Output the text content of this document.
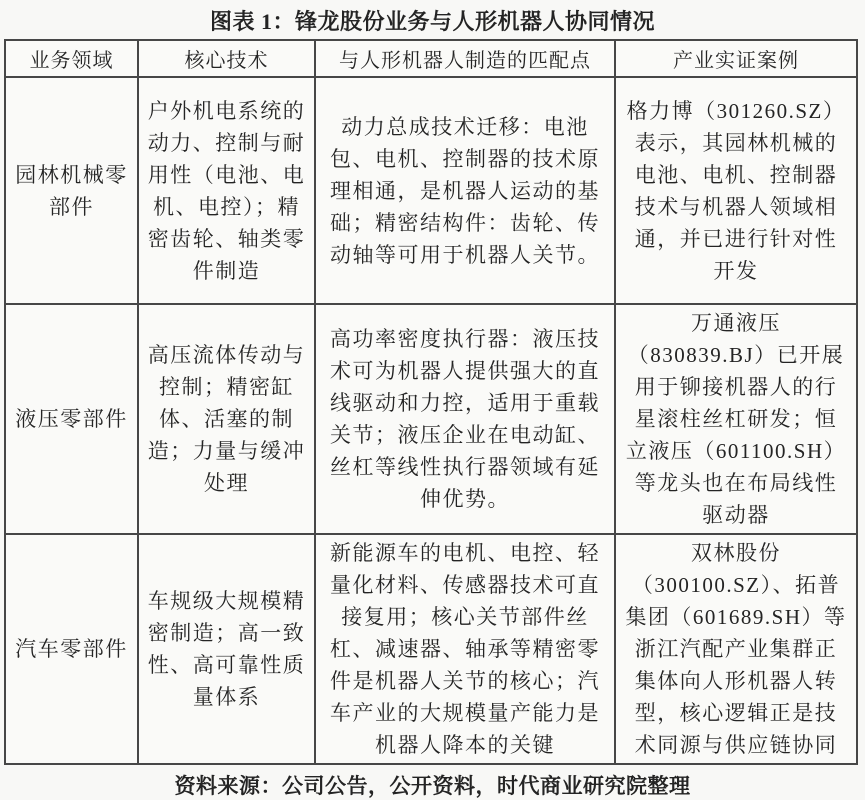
图表 1：锋龙股份业务与人形机器人协同情况
业务领域	核心技术	与人形机器人制造的匹配点	产业实证案例
园林机械零部件	户外机电系统的动力、控制与耐用性（电池、电机、电控）；精密齿轮、轴类零件制造	动力总成技术迁移：电池包、电机、控制器的技术原理相通，是机器人运动的基础；精密结构件：齿轮、传动轴等可用于机器人关节。	格力博（301260.SZ）表示，其园林机械的电池、电机、控制器技术与机器人领域相通，并已进行针对性开发
液压零部件	高压流体传动与控制；精密缸体、活塞的制造；力量与缓冲处理	高功率密度执行器：液压技术可为机器人提供强大的直线驱动和力控，适用于重载关节；液压企业在电动缸、丝杠等线性执行器领域有延伸优势。	万通液压（830839.BJ）已开展用于铆接机器人的行星滚柱丝杠研发；恒立液压（601100.SH）等龙头也在布局线性驱动器
汽车零部件	车规级大规模精密制造；高一致性、高可靠性质量体系	新能源车的电机、电控、轻量化材料、传感器技术可直接复用；核心关节部件丝杠、减速器、轴承等精密零件是机器人关节的核心；汽车产业的大规模量产能力是机器人降本的关键	双林股份（300100.SZ）、拓普集团（601689.SH）等浙江汽配产业集群正集体向人形机器人转型，核心逻辑正是技术同源与供应链协同
资料来源：公司公告，公开资料，时代商业研究院整理
